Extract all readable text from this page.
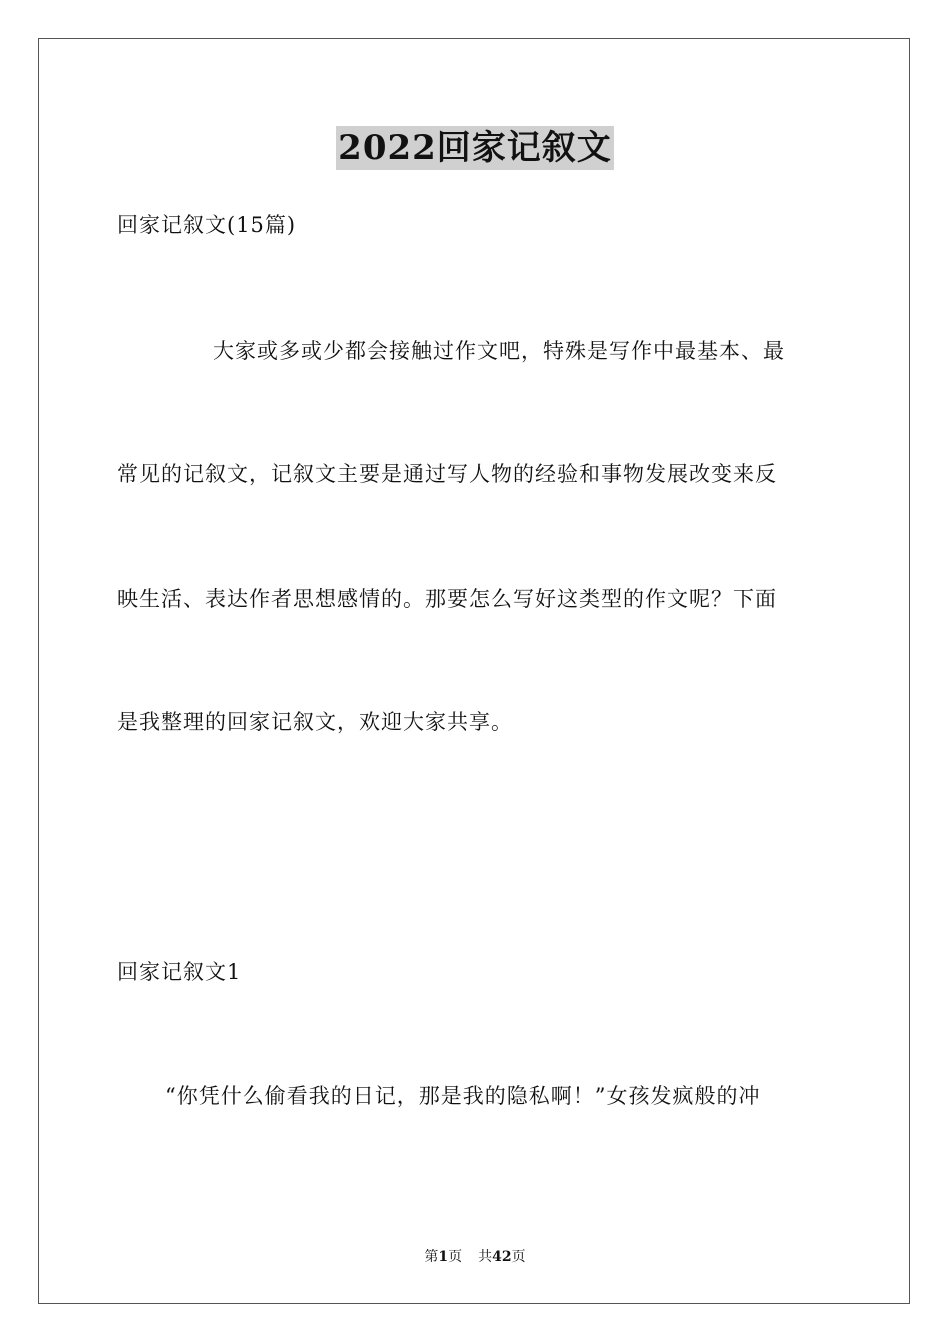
2022回家记叙文
回家记叙文(15篇)
大家或多或少都会接触过作文吧，特殊是写作中最基本、最
常见的记叙文，记叙文主要是通过写人物的经验和事物发展改变来反
映生活、表达作者思想感情的。那要怎么写好这类型的作文呢？下面
是我整理的回家记叙文，欢迎大家共享。
回家记叙文1
“你凭什么偷看我的日记，那是我的隐私啊！”女孩发疯般的冲
第1页 共42页
